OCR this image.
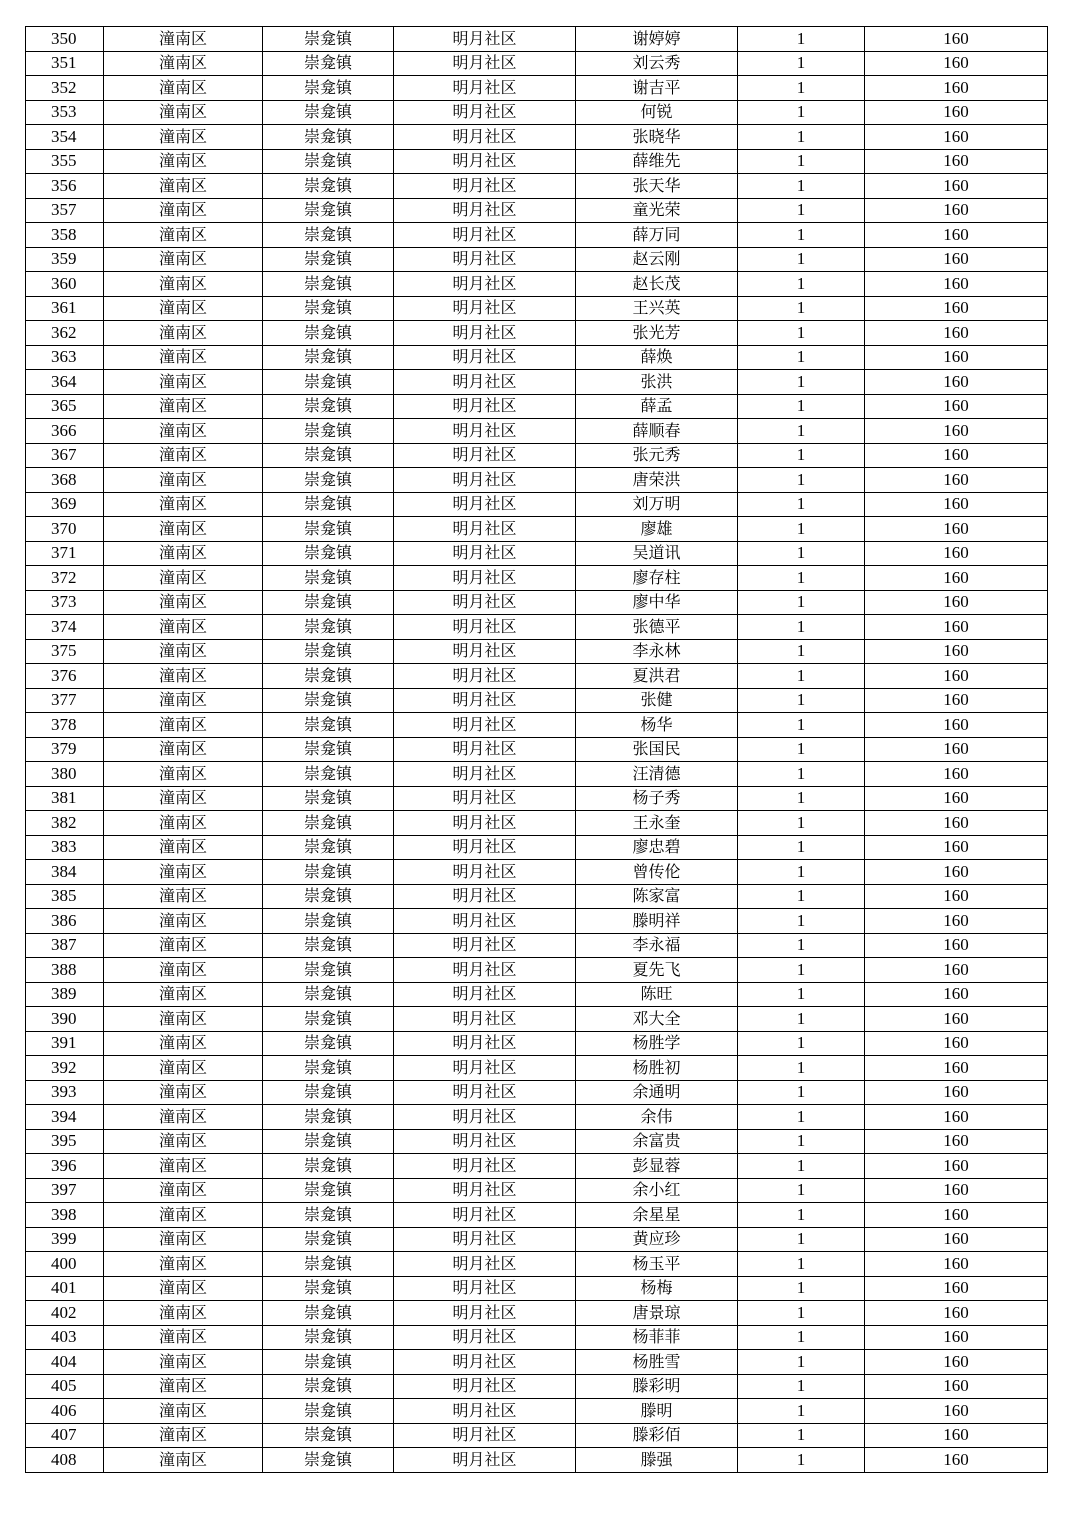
350	潼南区	崇龛镇	明月社区	谢婷婷	1	160
351	潼南区	崇龛镇	明月社区	刘云秀	1	160
352	潼南区	崇龛镇	明月社区	谢吉平	1	160
353	潼南区	崇龛镇	明月社区	何锐	1	160
354	潼南区	崇龛镇	明月社区	张晓华	1	160
355	潼南区	崇龛镇	明月社区	薛维先	1	160
356	潼南区	崇龛镇	明月社区	张天华	1	160
357	潼南区	崇龛镇	明月社区	童光荣	1	160
358	潼南区	崇龛镇	明月社区	薛万同	1	160
359	潼南区	崇龛镇	明月社区	赵云刚	1	160
360	潼南区	崇龛镇	明月社区	赵长茂	1	160
361	潼南区	崇龛镇	明月社区	王兴英	1	160
362	潼南区	崇龛镇	明月社区	张光芳	1	160
363	潼南区	崇龛镇	明月社区	薛焕	1	160
364	潼南区	崇龛镇	明月社区	张洪	1	160
365	潼南区	崇龛镇	明月社区	薛孟	1	160
366	潼南区	崇龛镇	明月社区	薛顺春	1	160
367	潼南区	崇龛镇	明月社区	张元秀	1	160
368	潼南区	崇龛镇	明月社区	唐荣洪	1	160
369	潼南区	崇龛镇	明月社区	刘万明	1	160
370	潼南区	崇龛镇	明月社区	廖雄	1	160
371	潼南区	崇龛镇	明月社区	吴道讯	1	160
372	潼南区	崇龛镇	明月社区	廖存柱	1	160
373	潼南区	崇龛镇	明月社区	廖中华	1	160
374	潼南区	崇龛镇	明月社区	张德平	1	160
375	潼南区	崇龛镇	明月社区	李永林	1	160
376	潼南区	崇龛镇	明月社区	夏洪君	1	160
377	潼南区	崇龛镇	明月社区	张健	1	160
378	潼南区	崇龛镇	明月社区	杨华	1	160
379	潼南区	崇龛镇	明月社区	张国民	1	160
380	潼南区	崇龛镇	明月社区	汪清德	1	160
381	潼南区	崇龛镇	明月社区	杨子秀	1	160
382	潼南区	崇龛镇	明月社区	王永奎	1	160
383	潼南区	崇龛镇	明月社区	廖忠碧	1	160
384	潼南区	崇龛镇	明月社区	曾传伦	1	160
385	潼南区	崇龛镇	明月社区	陈家富	1	160
386	潼南区	崇龛镇	明月社区	滕明祥	1	160
387	潼南区	崇龛镇	明月社区	李永福	1	160
388	潼南区	崇龛镇	明月社区	夏先飞	1	160
389	潼南区	崇龛镇	明月社区	陈旺	1	160
390	潼南区	崇龛镇	明月社区	邓大全	1	160
391	潼南区	崇龛镇	明月社区	杨胜学	1	160
392	潼南区	崇龛镇	明月社区	杨胜初	1	160
393	潼南区	崇龛镇	明月社区	余通明	1	160
394	潼南区	崇龛镇	明月社区	余伟	1	160
395	潼南区	崇龛镇	明月社区	余富贵	1	160
396	潼南区	崇龛镇	明月社区	彭显蓉	1	160
397	潼南区	崇龛镇	明月社区	余小红	1	160
398	潼南区	崇龛镇	明月社区	余星星	1	160
399	潼南区	崇龛镇	明月社区	黄应珍	1	160
400	潼南区	崇龛镇	明月社区	杨玉平	1	160
401	潼南区	崇龛镇	明月社区	杨梅	1	160
402	潼南区	崇龛镇	明月社区	唐景琼	1	160
403	潼南区	崇龛镇	明月社区	杨菲菲	1	160
404	潼南区	崇龛镇	明月社区	杨胜雪	1	160
405	潼南区	崇龛镇	明月社区	滕彩明	1	160
406	潼南区	崇龛镇	明月社区	滕明	1	160
407	潼南区	崇龛镇	明月社区	滕彩佰	1	160
408	潼南区	崇龛镇	明月社区	滕强	1	160
